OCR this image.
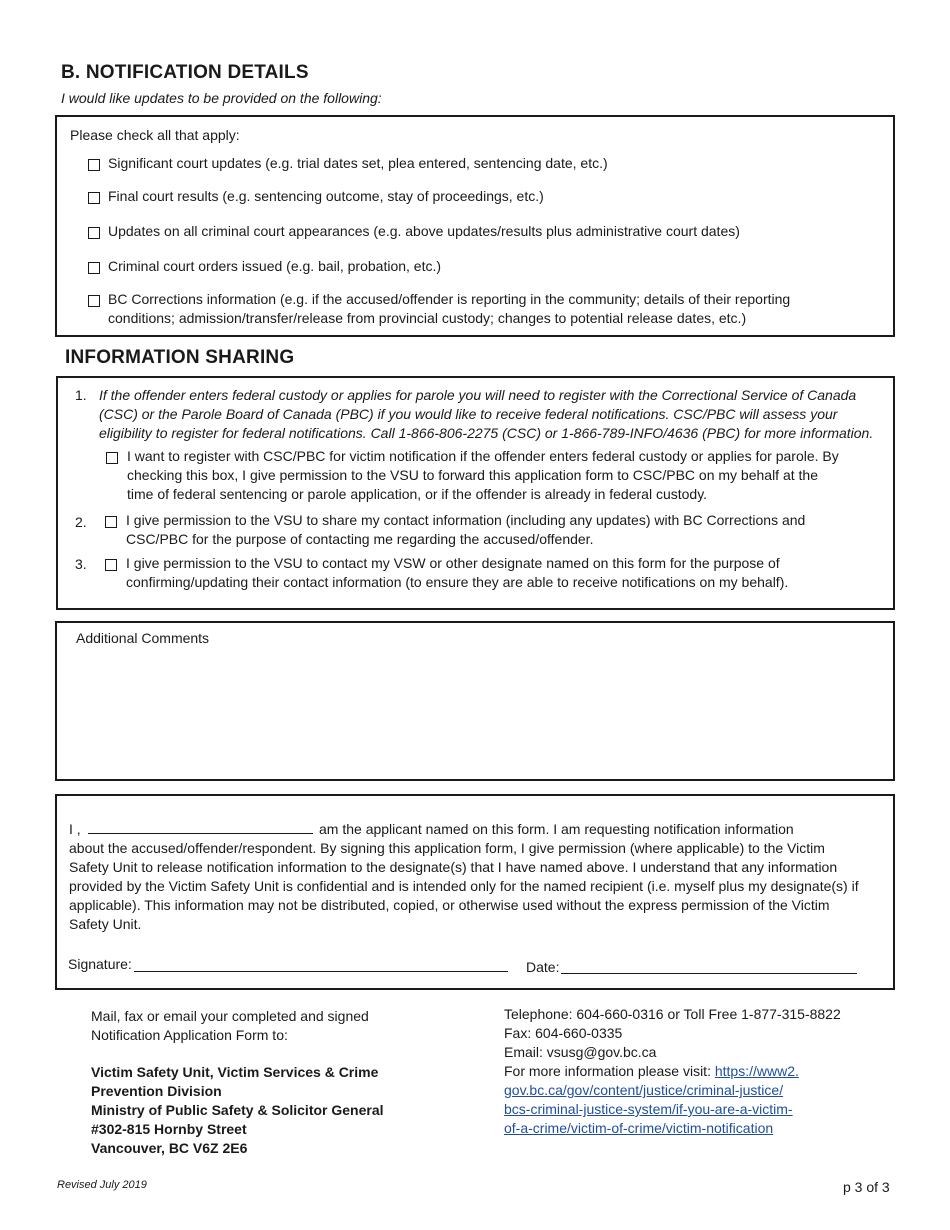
B. NOTIFICATION DETAILS
I would like updates to be provided on the following:
Please check all that apply:
Significant court updates (e.g. trial dates set, plea entered, sentencing date, etc.)
Final court results (e.g. sentencing outcome, stay of proceedings, etc.)
Updates on all criminal court appearances (e.g. above updates/results plus administrative court dates)
Criminal court orders issued (e.g. bail, probation, etc.)
BC Corrections information (e.g. if the accused/offender is reporting in the community; details of their reporting conditions; admission/transfer/release from provincial custody; changes to potential release dates, etc.)
INFORMATION SHARING
1. If the offender enters federal custody or applies for parole you will need to register with the Correctional Service of Canada (CSC) or the Parole Board of Canada (PBC) if you would like to receive federal notifications. CSC/PBC will assess your eligibility to register for federal notifications. Call 1-866-806-2275 (CSC) or 1-866-789-INFO/4636 (PBC) for more information.
I want to register with CSC/PBC for victim notification if the offender enters federal custody or applies for parole. By checking this box, I give permission to the VSU to forward this application form to CSC/PBC on my behalf at the time of federal sentencing or parole application, or if the offender is already in federal custody.
2.	I give permission to the VSU to share my contact information (including any updates) with BC Corrections and CSC/PBC for the purpose of contacting me regarding the accused/offender.
3.	I give permission to the VSU to contact my VSW or other designate named on this form for the purpose of confirming/updating their contact information (to ensure they are able to receive notifications on my behalf).
Additional Comments
I ,	am the applicant named on this form. I am requesting notification information
about the accused/offender/respondent. By signing this application form, I give permission (where applicable) to the Victim Safety Unit to release notification information to the designate(s) that I have named above. I understand that any information provided by the Victim Safety Unit is confidential and is intended only for the named recipient (i.e. myself plus my designate(s) if applicable). This information may not be distributed, copied, or otherwise used without the express permission of the Victim Safety Unit.
Signature:	Date:
Mail, fax or email your completed and signed
Notification Application Form to:
Victim Safety Unit, Victim Services & Crime
Prevention Division
Ministry of Public Safety & Solicitor General
#302-815 Hornby Street
Vancouver, BC V6Z 2E6
Telephone: 604-660-0316 or Toll Free 1-877-315-8822
Fax: 604-660-0335
Email: vsusg@gov.bc.ca
For more information please visit: https://www2.
gov.bc.ca/gov/content/justice/criminal-justice/
bcs-criminal-justice-system/if-you-are-a-victim-
of-a-crime/victim-of-crime/victim-notification
Revised July 2019	p 3 of 3
